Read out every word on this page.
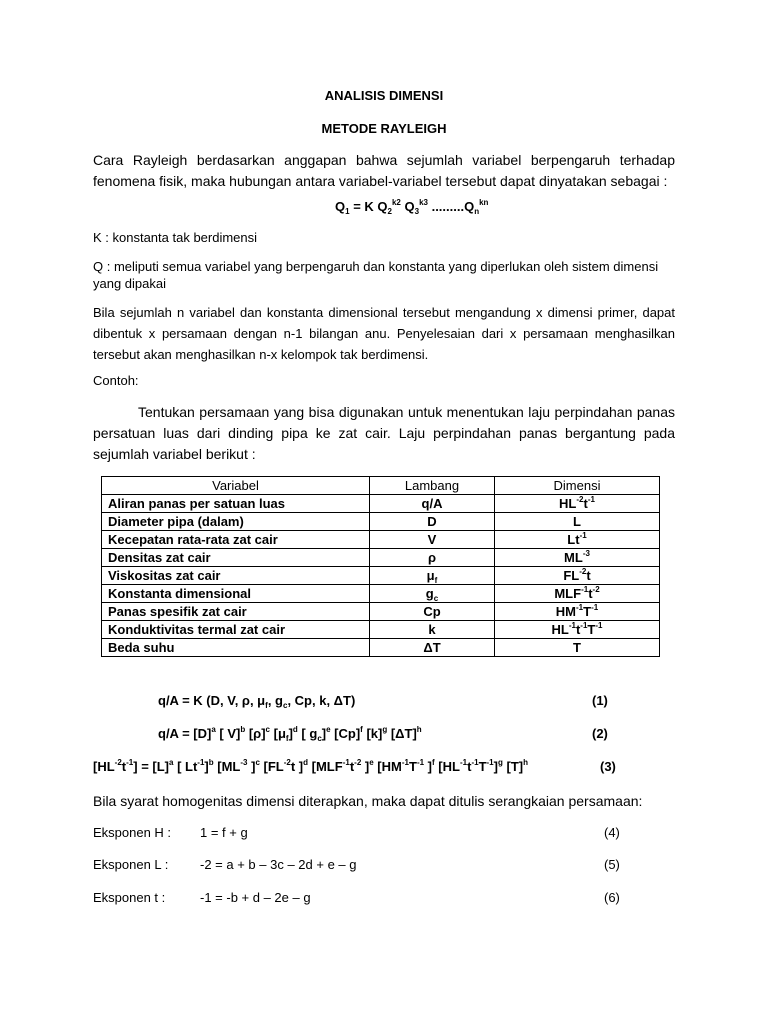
ANALISIS DIMENSI
METODE RAYLEIGH
Cara Rayleigh berdasarkan anggapan bahwa sejumlah variabel berpengaruh terhadap fenomena fisik, maka hubungan antara variabel-variabel tersebut dapat dinyatakan sebagai :
$Q_1 = K$ $Q_2^{k2}$ $Q_3^{k3}$ $.........Q_n^{kn}$
K : konstanta tak berdimensi
Q : meliputi semua variabel yang berpengaruh dan konstanta yang diperlukan oleh sistem dimensi yang dipakai
Bila sejumlah n variabel dan konstanta dimensional tersebut mengandung x dimensi primer, dapat dibentuk x persamaan dengan n-1 bilangan anu. Penyelesaian dari x persamaan menghasilkan tersebut akan menghasilkan n-x kelompok tak berdimensi.
Contoh:
Tentukan persamaan yang bisa digunakan untuk menentukan laju perpindahan panas persatuan luas dari dinding pipa ke zat cair. Laju perpindahan panas bergantung pada sejumlah variabel berikut :
Variabel	Lambang	Dimensi
Aliran panas per satuan luas	q/A	$HL^{-2}t^{-1}$
Diameter pipa (dalam)	D	L
Kecepatan rata-rata zat cair	V	$Lt^{-1}$
Densitas zat cair	ρ	$ML^{-3}$
Viskositas zat cair	$\mu_f$	$FL^{-2}t$
Konstanta dimensional	$g_c$	$MLF^{-1}t^{-2}$
Panas spesifik zat cair	Cp	$HM^{-1}T^{-1}$
Konduktivitas termal zat cair	k	$HL^{-1}t^{-1}T^{-1}$
Beda suhu	ΔT	T
q/A = K (D, V, ρ, $\mu_f$, $g_c$, Cp, k, ΔT)	(1)
$q/A = [D]^a$ [ V]$^b$ $[\rho]^c$ $[\mu_f]^d$ [ $g_c]^e$ $[Cp]^f$ $[k]^g$ $[\Delta T]^h$	(2)
$[HL^{-2}t^{-1}] = [L]^a$ [ $Lt^{-1}]^b$ [$ML^{-3}$ ]$^c$ [$FL^{-2}t$ ]$^d$ [$MLF^{-1}t^{-2}$ ]$^e$ [$HM^{-1}T^{-1}$ ]$^f$ $[HL^{-1}t^{-1}T^{-1}]^g$ $[T]^h$	(3)
Bila syarat homogenitas dimensi diterapkan, maka dapat ditulis serangkaian persamaan:
Eksponen H : 1 = f + g	(4)
Eksponen L : -2 = a + b – 3c – 2d + e – g	(5)
Eksponen t :	-1 = -b + d – 2e – g	(6)
